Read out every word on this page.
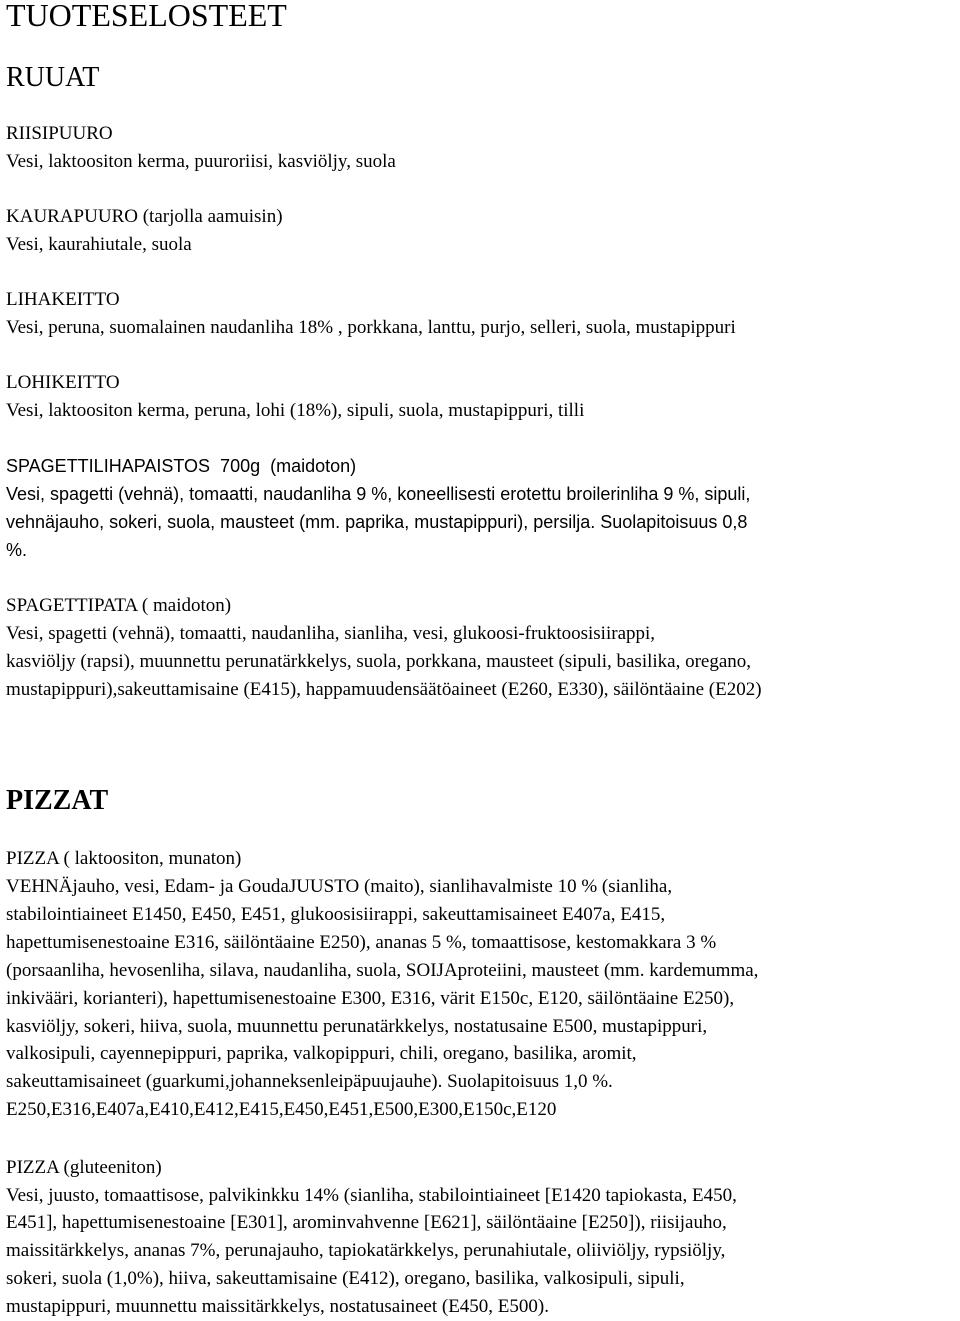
TUOTESELOSTEET
RUUAT
RIISIPUURO
Vesi, laktoositon kerma, puuroriisi, kasviöljy, suola
KAURAPUURO (tarjolla aamuisin)
Vesi, kaurahiutale, suola
LIHAKEITTO
Vesi, peruna, suomalainen naudanliha 18% , porkkana, lanttu, purjo, selleri, suola, mustapippuri
LOHIKEITTO
Vesi, laktoositon kerma, peruna, lohi (18%), sipuli, suola, mustapippuri, tilli
SPAGETTILIHAPAISTOS  700g  (maidoton)
Vesi, spagetti (vehnä), tomaatti, naudanliha 9 %, koneellisesti erotettu broilerinliha 9 %, sipuli,
vehnäjauho, sokeri, suola, mausteet (mm. paprika, mustapippuri), persilja. Suolapitoisuus 0,8
%.
SPAGETTIPATA ( maidoton)
Vesi, spagetti (vehnä), tomaatti, naudanliha, sianliha, vesi, glukoosi-fruktoosisiirappi,
kasviöljy (rapsi), muunnettu perunatärkkelys, suola, porkkana, mausteet (sipuli, basilika, oregano,
mustapippuri),sakeuttamisaine (E415), happamuudensäätöaineet (E260, E330), säilöntäaine (E202)
PIZZAT
PIZZA ( laktoositon, munaton)
VEHNÄjauho, vesi, Edam- ja GoudaJUUSTO (maito), sianlihavalmiste 10 % (sianliha,
stabilointiaineet E1450, E450, E451, glukoosisiirappi, sakeuttamisaineet E407a, E415,
hapettumisenestoaine E316, säilöntäaine E250), ananas 5 %, tomaattisose, kestomakkara 3 %
(porsaanliha, hevosenliha, silava, naudanliha, suola, SOIJAproteiini, mausteet (mm. kardemumma,
inkivääri, korianteri), hapettumisenestoaine E300, E316, värit E150c, E120, säilöntäaine E250),
kasviöljy, sokeri, hiiva, suola, muunnettu perunatärkkelys, nostatusaine E500, mustapippuri,
valkosipuli, cayennepippuri, paprika, valkopippuri, chili, oregano, basilika, aromit,
sakeuttamisaineet (guarkumi,johanneksenleipäpuujauhe). Suolapitoisuus 1,0 %.
E250,E316,E407a,E410,E412,E415,E450,E451,E500,E300,E150c,E120
PIZZA (gluteeniton)
Vesi, juusto, tomaattisose, palvikinkku 14% (sianliha, stabilointiaineet [E1420 tapiokasta, E450,
E451], hapettumisenestoaine [E301], arominvahvenne [E621], säilöntäaine [E250]), riisijauho,
maissitärkkelys, ananas 7%, perunajauho, tapiokatärkkelys, perunahiutale, oliiviöljy, rypsiöljy,
sokeri, suola (1,0%), hiiva, sakeuttamisaine (E412), oregano, basilika, valkosipuli, sipuli,
mustapippuri, muunnettu maissitärkkelys, nostatusaineet (E450, E500).
